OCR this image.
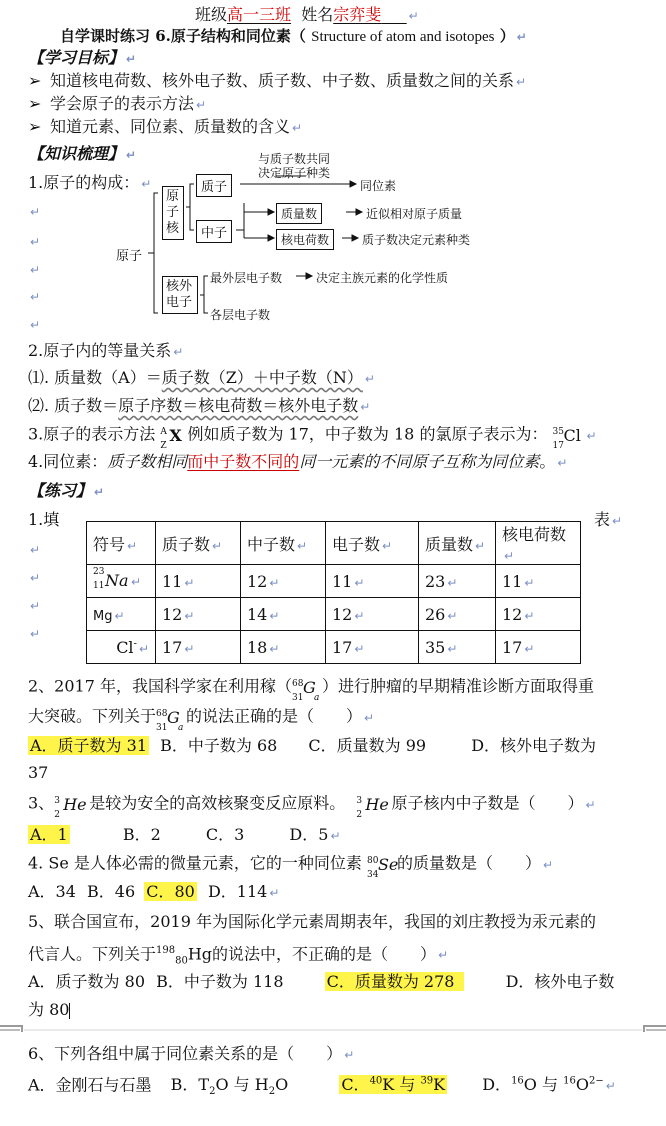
班级高一三班 姓名宗弈斐 ↵
自学课时练习 6.原子结构和同位素（ Structure of atom and isotopes ） ↵
【学习目标】 ↵
➢ 知道核电荷数、核外电子数、质子数、中子数、质量数之间的关系 ↵
➢ 学会原子的表示方法 ↵
➢ 知道元素、同位素、质量数的含义 ↵
【知识梳理】 ↵
1.原子的构成： ↵
↵
↵
↵
↵
↵
原子
原子核
质子
中子
与质子数共同
决定原子种类
同位素
质量数	近似相对原子质量
核电荷数	质子数决定元素种类
核外电子
最外层电子数	决定主族元素的化学性质
各层电子数
2.原子内的等量关系 ↵
⑴. 质量数（A）＝质子数（Z）＋中子数（N） ↵
⑵. 质子数＝原子序数＝核电荷数＝核外电子数 ↵
3.原子的表示方法 A
Z
X 例如质子数为 17，中子数为 18 的氯原子表示为： 35
17
Cl ↵
4.同位素：质子数相同而中子数不同的同一元素的不同原子互称为同位素。 ↵
【练习】 ↵
1.填	表 ↵
↵
↵
↵
↵
符号 ↵	质子数 ↵	中子数 ↵	电子数 ↵	质量数 ↵	核电荷数↵

23
11 Na ↵	11 ↵	12 ↵	11 ↵	23 ↵	11 ↵
Mg ↵	12 ↵	14 ↵	12 ↵	26 ↵	12 ↵
Cl- ↵	17 ↵	18 ↵	17 ↵	35 ↵	17 ↵
2、2017 年，我国科学家在利用稼（ 68
31
G
a
）进行肿瘤的早期精准诊断方面取得重
大突破。下列关于 68
31
G
a
的说法正确的是（　　） ↵
A．质子数为 31 B．中子数为 68 C．质量数为 99	D．核外电子数为
37
3、 3
2
He 是较为安全的高效核聚变反应原料。 3
2
He 原子核内中子数是（　　） ↵
A．1	B．2	C．3	D．5 ↵
4. Se 是人体必需的微量元素，它的一种同位素 80
34
Se
的质量数是（　　） ↵
A．34 B．46 C．80 D．114 ↵
5、联合国宣布，2019 年为国际化学元素周期表年，我国的刘庄教授为汞元素的
代言人。下列关于$^{198}_{80}$Hg的说法中，不正确的是（　　） ↵
A．质子数为 80 B．中子数为 118	C．质量数为 278	D．核外电子数
为 80
6、下列各组中属于同位素关系的是（　　） ↵
A．金刚石与石墨 B．$T_2O$ 与 $H_2O$	C．$^{40}$K 与 $^{39}$K D．$^{16}$O 与 $^{16}O^{2-}$ ↵
